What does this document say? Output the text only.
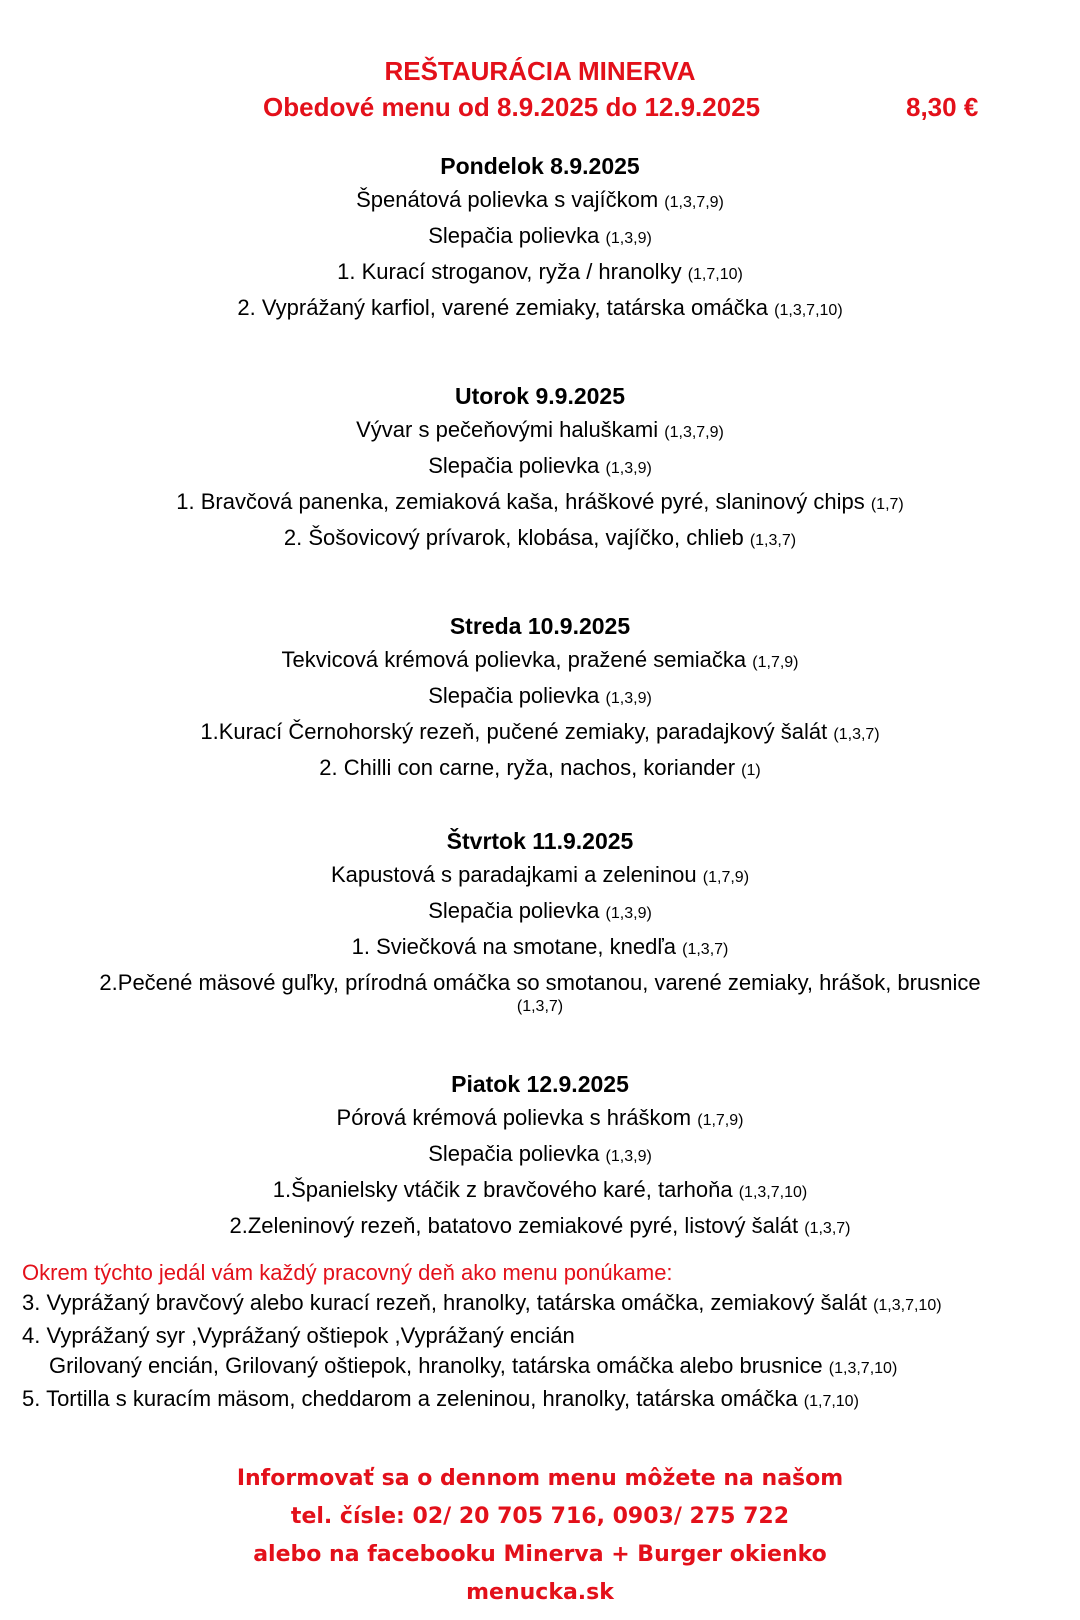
REŠTAURÁCIA MINERVA
Obedové menu od 8.9.2025 do 12.9.2025	8,30 €
Pondelok 8.9.2025
Špenátová polievka s vajíčkom (1,3,7,9)
Slepačia polievka (1,3,9)
1. Kurací stroganov, ryža / hranolky (1,7,10)
2. Vyprážaný karfiol, varené zemiaky, tatárska omáčka (1,3,7,10)
Utorok 9.9.2025
Vývar s pečeňovými haluškami (1,3,7,9)
Slepačia polievka (1,3,9)
1. Bravčová panenka, zemiaková kaša, hráškové pyré, slaninový chips (1,7)
2. Šošovicový prívarok, klobása, vajíčko, chlieb (1,3,7)
Streda 10.9.2025
Tekvicová krémová polievka, pražené semiačka (1,7,9)
Slepačia polievka (1,3,9)
1.Kurací Černohorský rezeň, pučené zemiaky, paradajkový šalát (1,3,7)
2. Chilli con carne, ryža, nachos, koriander (1)
Štvrtok 11.9.2025
Kapustová s paradajkami a zeleninou (1,7,9)
Slepačia polievka (1,3,9)
1. Sviečková na smotane, knedľa (1,3,7)
2.Pečené mäsové guľky, prírodná omáčka so smotanou, varené zemiaky, hrášok, brusnice
(1,3,7)
Piatok 12.9.2025
Pórová krémová polievka s hráškom (1,7,9)
Slepačia polievka (1,3,9)
1.Španielsky vtáčik z bravčového karé, tarhoňa (1,3,7,10)
2.Zeleninový rezeň, batatovo zemiakové pyré, listový šalát (1,3,7)
Okrem týchto jedál vám každý pracovný deň ako menu ponúkame:
3. Vyprážaný bravčový alebo kurací rezeň, hranolky, tatárska omáčka, zemiakový šalát (1,3,7,10)
4. Vyprážaný syr ,Vyprážaný oštiepok ,Vyprážaný encián
Grilovaný encián, Grilovaný oštiepok, hranolky, tatárska omáčka alebo brusnice (1,3,7,10)
5. Tortilla s kuracím mäsom, cheddarom a zeleninou, hranolky, tatárska omáčka (1,7,10)
Informovať sa o dennom menu môžete na našom
tel. čísle: 02/ 20 705 716, 0903/ 275 722
alebo na facebooku Minerva + Burger okienko
menucka.sk
